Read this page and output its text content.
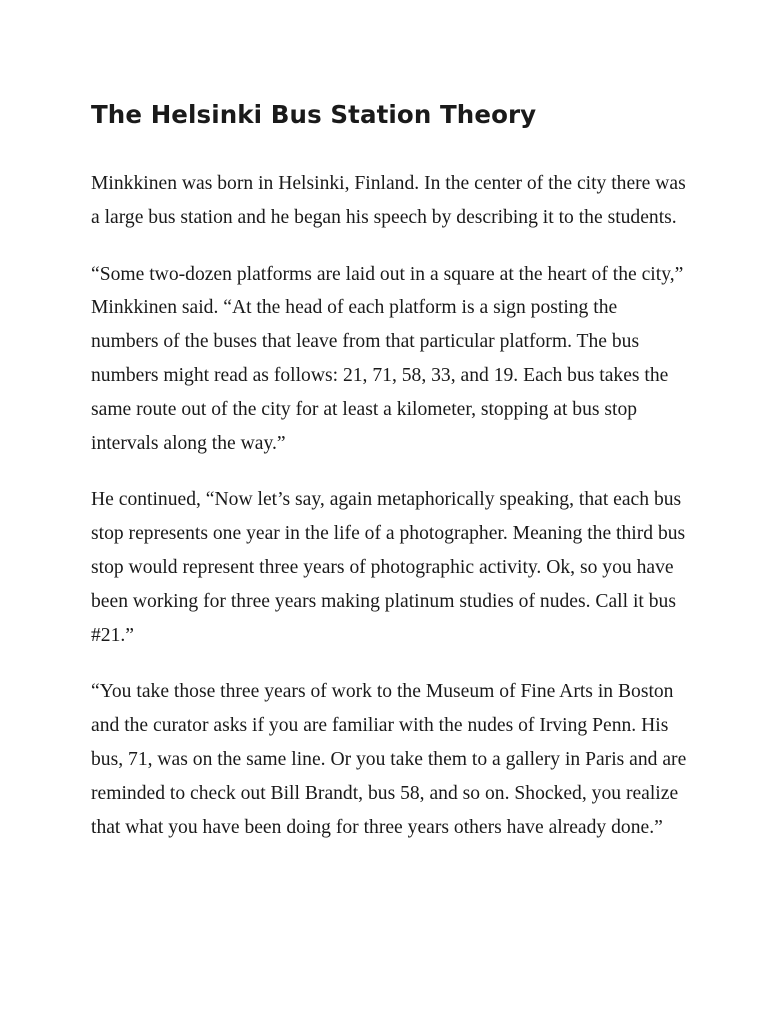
The Helsinki Bus Station Theory

Minkkinen was born in Helsinki, Finland. In the center of the city there was a large bus station and he began his speech by describing it to the students.

“Some two-dozen platforms are laid out in a square at the heart of the city,” Minkkinen said. “At the head of each platform is a sign posting the numbers of the buses that leave from that particular platform. The bus numbers might read as follows: 21, 71, 58, 33, and 19. Each bus takes the same route out of the city for at least a kilometer, stopping at bus stop intervals along the way.”

He continued, “Now let’s say, again metaphorically speaking, that each bus stop represents one year in the life of a photographer. Meaning the third bus stop would represent three years of photographic activity. Ok, so you have been working for three years making platinum studies of nudes. Call it bus #21.”

“You take those three years of work to the Museum of Fine Arts in Boston and the curator asks if you are familiar with the nudes of Irving Penn. His bus, 71, was on the same line. Or you take them to a gallery in Paris and are reminded to check out Bill Brandt, bus 58, and so on. Shocked, you realize that what you have been doing for three years others have already done.”
